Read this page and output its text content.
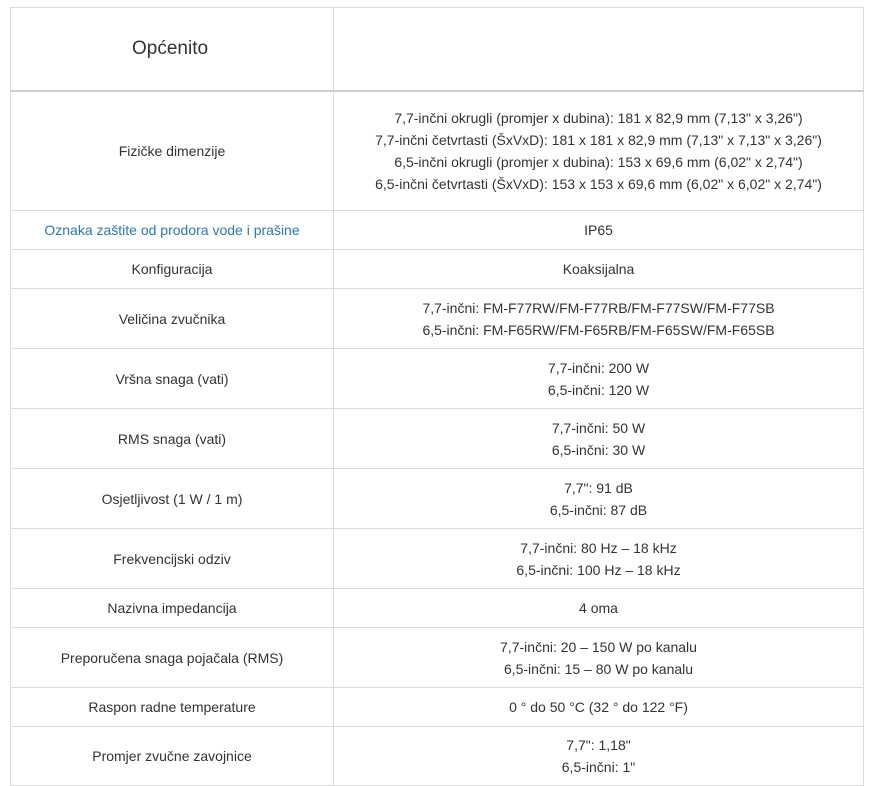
Općenito	
Fizičke dimenzije	7,7-inčni okrugli (promjer x dubina): 181 x 82,9 mm (7,13" x 3,26")
7,7-inčni četvrtasti (ŠxVxD): 181 x 181 x 82,9 mm (7,13" x 7,13" x 3,26")
6,5-inčni okrugli (promjer x dubina): 153 x 69,6 mm (6,02" x 2,74")
6,5-inčni četvrtasti (ŠxVxD): 153 x 153 x 69,6 mm (6,02" x 6,02" x 2,74")

Oznaka zaštite od prodora vode i prašine	IP65
Konfiguracija	Koaksijalna
Veličina zvučnika	7,7-inčni: FM-F77RW/FM-F77RB/FM-F77SW/FM-F77SB
6,5-inčni: FM-F65RW/FM-F65RB/FM-F65SW/FM-F65SB

Vršna snaga (vati)	7,7-inčni: 200 W
6,5-inčni: 120 W

RMS snaga (vati)	7,7-inčni: 50 W
6,5-inčni: 30 W

Osjetljivost (1 W / 1 m)	7,7": 91 dB
6,5-inčni: 87 dB

Frekvencijski odziv	7,7-inčni: 80 Hz – 18 kHz
6,5-inčni: 100 Hz – 18 kHz

Nazivna impedancija	4 oma
Preporučena snaga pojačala (RMS)	7,7-inčni: 20 – 150 W po kanalu
6,5-inčni: 15 – 80 W po kanalu

Raspon radne temperature	0 ° do 50 °C (32 ° do 122 °F)
Promjer zvučne zavojnice	7,7": 1,18"
6,5-inčni: 1"
